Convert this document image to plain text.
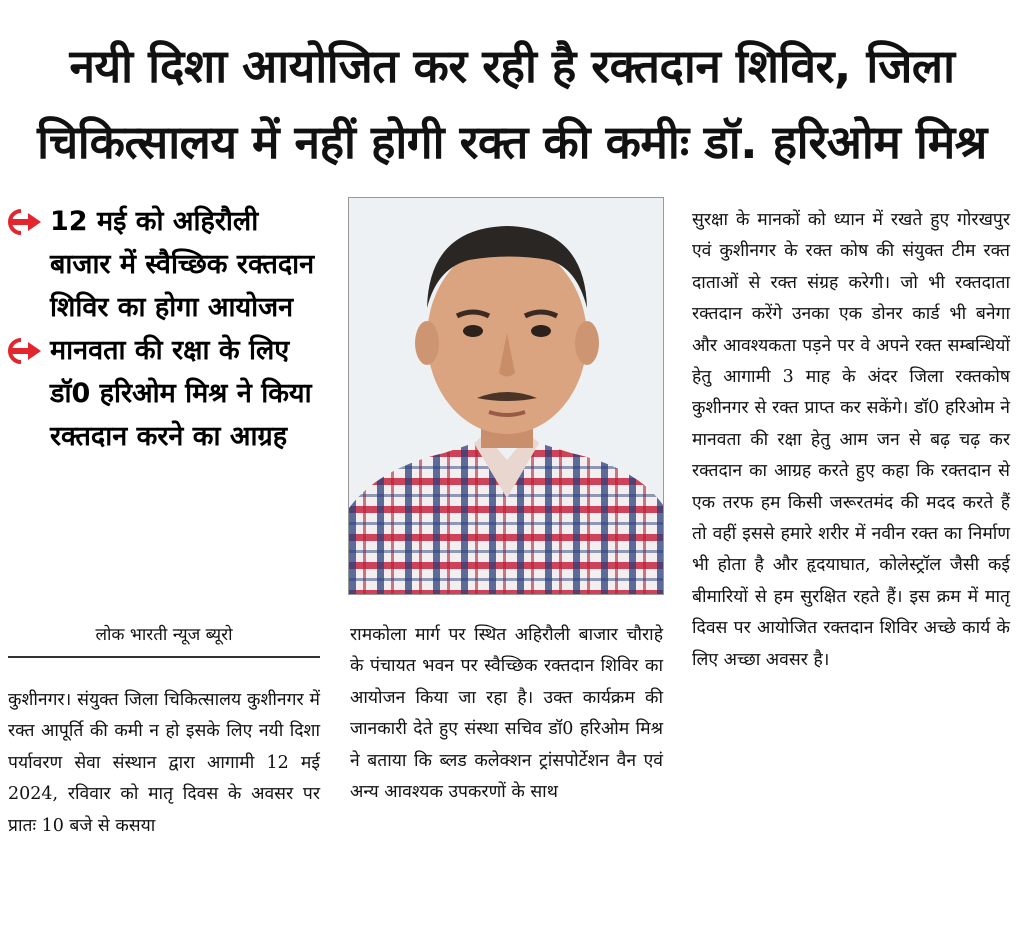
नयी दिशा आयोजित कर रही है रक्तदान शिविर, जिला
चिकित्सालय में नहीं होगी रक्त की कमीः डॉ. हरिओम मिश्र
12 मई को अहिरौली बाजार में स्वैच्छिक रक्तदान शिविर का होगा आयोजन
मानवता की रक्षा के लिए डॉ0 हरिओम मिश्र ने किया रक्तदान करने का आग्रह
लोक भारती न्यूज ब्यूरो
कुशीनगर। संयुक्त जिला चिकित्सालय कुशीनगर में रक्त आपूर्ति की कमी न हो इसके लिए नयी दिशा पर्यावरण सेवा संस्थान द्वारा आगामी 12 मई 2024, रविवार को मातृ दिवस के अवसर पर प्रातः 10 बजे से कसया
रामकोला मार्ग पर स्थित अहिरौली बाजार चौराहे के पंचायत भवन पर स्वैच्छिक रक्तदान शिविर का आयोजन किया जा रहा है। उक्त कार्यक्रम की जानकारी देते हुए संस्था सचिव डॉ0 हरिओम मिश्र ने बताया कि ब्लड कलेक्शन ट्रांसपोर्टेशन वैन एवं अन्य आवश्यक उपकरणों के साथ
सुरक्षा के मानकों को ध्यान में रखते हुए गोरखपुर एवं कुशीनगर के रक्त कोष की संयुक्त टीम रक्त दाताओं से रक्त संग्रह करेगी। जो भी रक्तदाता रक्तदान करेंगे उनका एक डोनर कार्ड भी बनेगा और आवश्यकता पड़ने पर वे अपने रक्त सम्बन्धियों हेतु आगामी 3 माह के अंदर जिला रक्तकोष कुशीनगर से रक्त प्राप्त कर सकेंगे। डॉ0 हरिओम ने मानवता की रक्षा हेतु आम जन से बढ़ चढ़ कर रक्तदान का आग्रह करते हुए कहा कि रक्तदान से एक तरफ हम किसी जरूरतमंद की मदद करते हैं तो वहीं इससे हमारे शरीर में नवीन रक्त का निर्माण भी होता है और हृदयाघात, कोलेस्ट्रॉल जैसी कई बीमारियों से हम सुरक्षित रहते हैं। इस क्रम में मातृ दिवस पर आयोजित रक्तदान शिविर अच्छे कार्य के लिए अच्छा अवसर है।
